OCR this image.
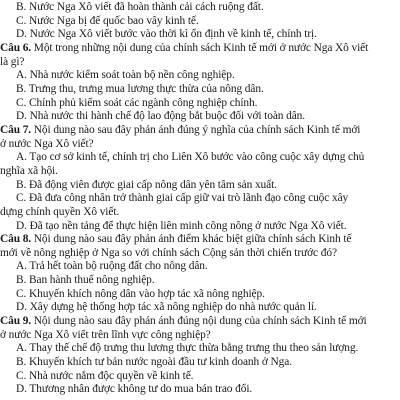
B. Nước Nga Xô viết đã hoàn thành cải cách ruộng đất.
C. Nước Nga bị đế quốc bao vây kinh tế.
D. Nước Nga Xô viết bước vào thời kì ổn định về kinh tế, chính trị.
Câu 6. Một trong những nội dung của chính sách Kinh tế mới ở nước Nga Xô viết
là gì?
A. Nhà nước kiểm soát toàn bộ nền công nghiệp.
B. Trưng thu, trưng mua lương thực thừa của nông dân.
C. Chính phủ kiểm soát các ngành công nghiệp chính.
D. Nhà nước thi hành chế độ lao động bắt buộc đối với toàn dân.
Câu 7. Nội dung nào sau đây phản ánh đúng ý nghĩa của chính sách Kinh tế mới
ở nước Nga Xô viết?
A. Tạo cơ sở kinh tế, chính trị cho Liên Xô bước vào công cuộc xây dựng chủ
nghĩa xã hội.
B. Đã động viên được giai cấp nông dân yên tâm sản xuất.
C. Đã đưa công nhân trở thành giai cấp giữ vai trò lãnh đạo công cuộc xây
dựng chính quyền Xô viết.
D. Đã tạo nền tảng để thực hiện liên minh công nông ở nước Nga Xô viết.
Câu 8. Nội dung nào sau đây phản ánh điểm khác biệt giữa chính sách Kinh tế
mới về nông nghiệp ở Nga so với chính sách Cộng sản thời chiến trước đó?
A. Trả hết toàn bộ ruộng đất cho nông dân.
B. Ban hành thuế nông nghiệp.
C. Khuyến khích nông dân vào hợp tác xã nông nghiệp.
D. Xây dựng hệ thống hợp tác xã nông nghiệp do nhà nước quản lí.
Câu 9. Nội dung nào sau đây phản ánh đúng nội dung của chính sách Kinh tế mới
ở nước Nga Xô viết trên lĩnh vực công nghiệp?
A. Thay thế chế độ trưng thu lương thực thừa bằng trưng thu theo sản lượng.
B. Khuyến khích tư bản nước ngoài đầu tư kinh doanh ở Nga.
C. Nhà nước nắm độc quyền về kinh tế.
D. Thương nhân được không tư do mua bán trao đổi.
